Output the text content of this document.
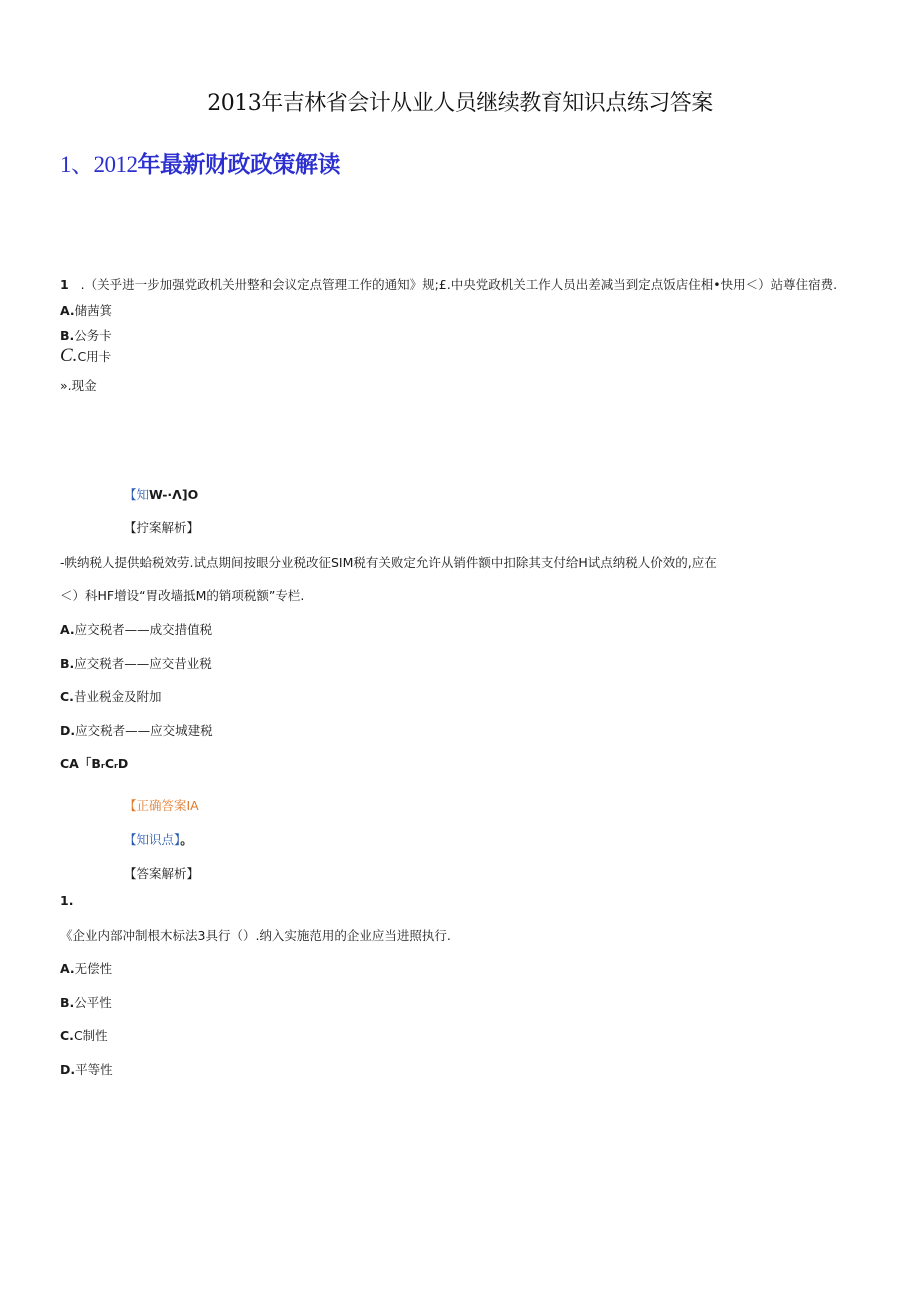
2013年吉林省会计从业人员继续教育知识点练习答案
1、2012年最新财政政策解读
1 .（关乎进一步加强党政机关卅整和会议定点管理工作的通知》规;£.中央党政机关工作人员出差减当到定点饭店住相•快用＜）站尊住宿费.
A.储茜箕
B.公务卡
C.C用卡
».现金
【知W-·Λ]O
【拧案解析】
-帙纳税人提供蛤税效劳.试点期间按眼分业税改征SIM税有关败定允许从销件额中扣除其支付给H试点纳税人价效的,应在
＜）科HF增设“胃改墙抵M的销项税额”专栏.
A.应交税者——成交措值税
B.应交税者——应交昔业税
C.昔业税金及附加
D.应交税者——应交城建税
CA「BᵣCᵣD
【正确答案IA
【知识点】。
【答案解析】
1.
《企业内部冲制根木标法3具行（）.纳入实施范用的企业应当进照执行.
A.无偿性
B.公平性
C.C制性
D.平等性
